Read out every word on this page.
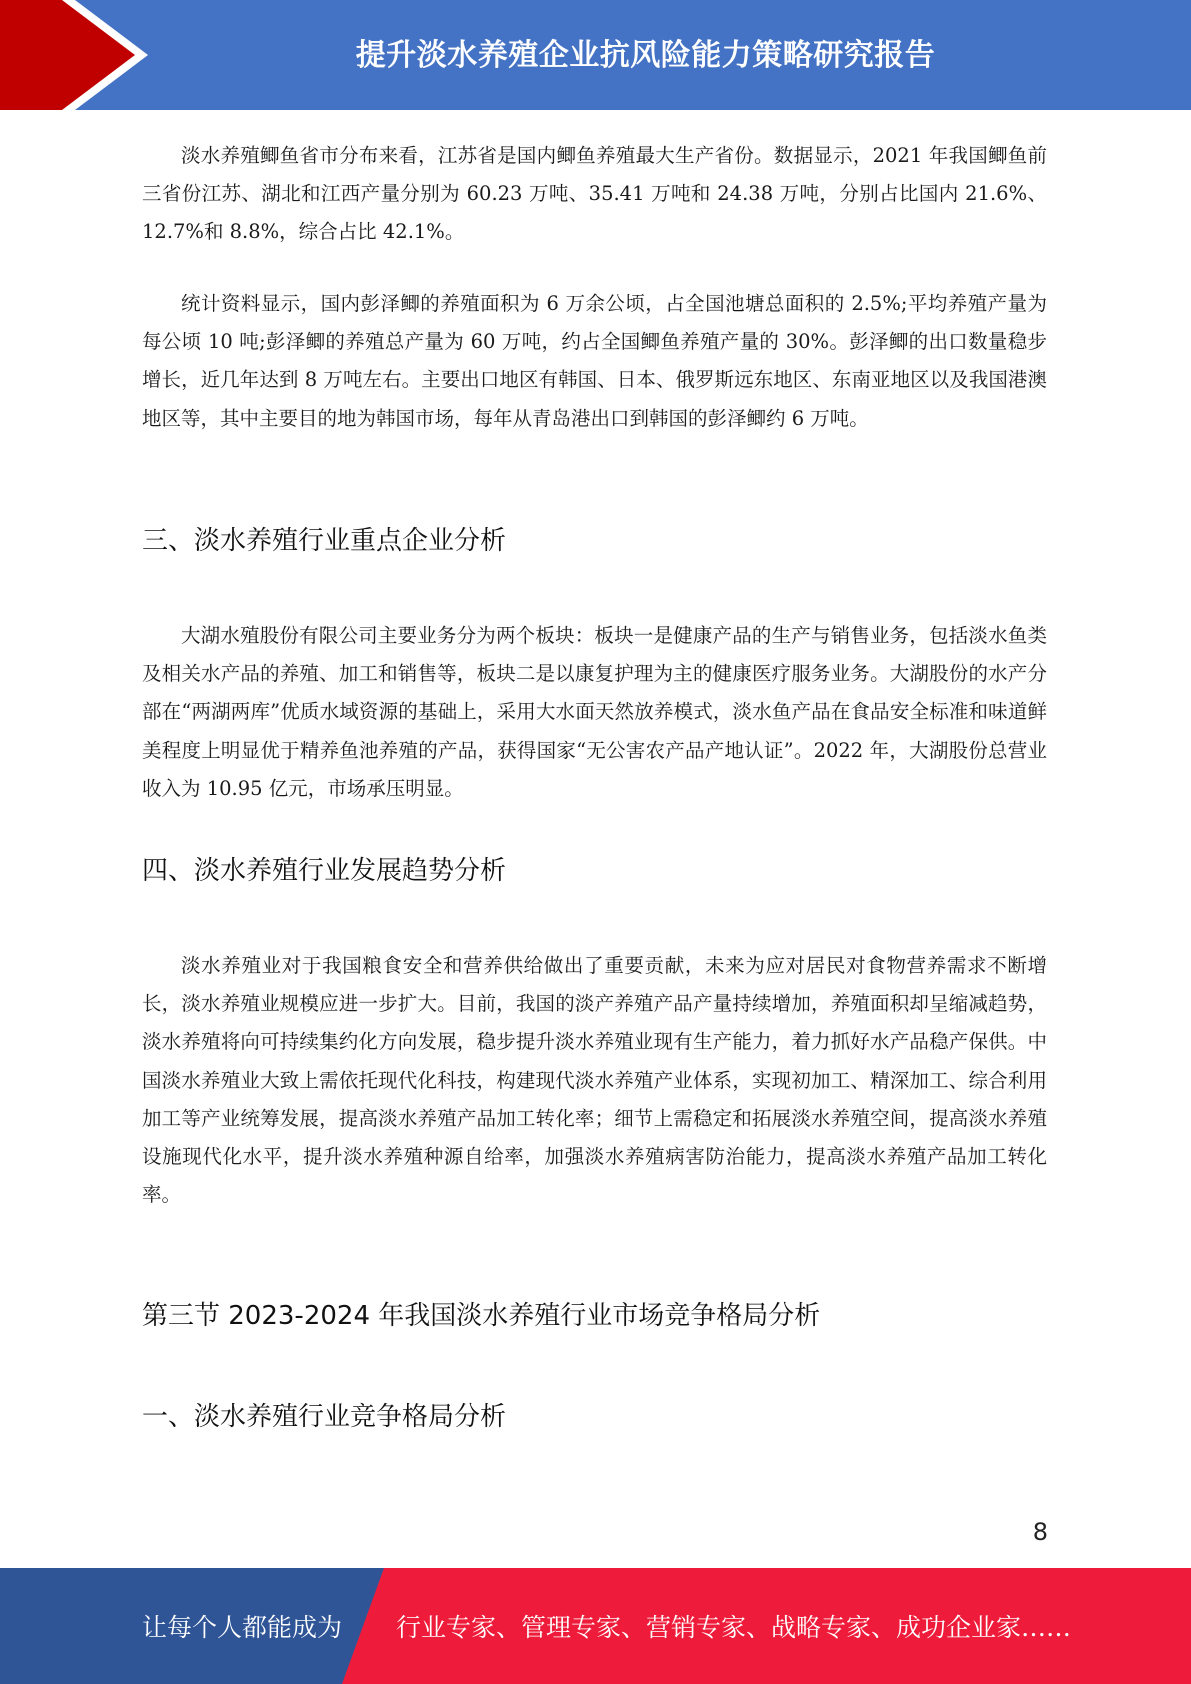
提升淡水养殖企业抗风险能力策略研究报告

淡水养殖鲫鱼省市分布来看，江苏省是国内鲫鱼养殖最大生产省份。数据显示，2021 年我国鲫鱼前三省份江苏、湖北和江西产量分别为 60.23 万吨、35.41 万吨和 24.38 万吨，分别占比国内 21.6%、12.7%和 8.8%，综合占比 42.1%。

统计资料显示，国内彭泽鲫的养殖面积为 6 万余公顷，占全国池塘总面积的 2.5%;平均养殖产量为每公顷 10 吨;彭泽鲫的养殖总产量为 60 万吨，约占全国鲫鱼养殖产量的 30%。彭泽鲫的出口数量稳步增长，近几年达到 8 万吨左右。主要出口地区有韩国、日本、俄罗斯远东地区、东南亚地区以及我国港澳地区等，其中主要目的地为韩国市场，每年从青岛港出口到韩国的彭泽鲫约 6 万吨。

三、淡水养殖行业重点企业分析

大湖水殖股份有限公司主要业务分为两个板块：板块一是健康产品的生产与销售业务，包括淡水鱼类及相关水产品的养殖、加工和销售等，板块二是以康复护理为主的健康医疗服务业务。大湖股份的水产分部在“两湖两库”优质水域资源的基础上，采用大水面天然放养模式，淡水鱼产品在食品安全标准和味道鲜美程度上明显优于精养鱼池养殖的产品，获得国家“无公害农产品产地认证”。2022 年，大湖股份总营业收入为 10.95 亿元，市场承压明显。

四、淡水养殖行业发展趋势分析

淡水养殖业对于我国粮食安全和营养供给做出了重要贡献，未来为应对居民对食物营养需求不断增长，淡水养殖业规模应进一步扩大。目前，我国的淡产养殖产品产量持续增加，养殖面积却呈缩减趋势，淡水养殖将向可持续集约化方向发展，稳步提升淡水养殖业现有生产能力，着力抓好水产品稳产保供。中国淡水养殖业大致上需依托现代化科技，构建现代淡水养殖产业体系，实现初加工、精深加工、综合利用加工等产业统筹发展，提高淡水养殖产品加工转化率；细节上需稳定和拓展淡水养殖空间，提高淡水养殖设施现代化水平，提升淡水养殖种源自给率，加强淡水养殖病害防治能力，提高淡水养殖产品加工转化率。

第三节 2023-2024 年我国淡水养殖行业市场竞争格局分析
一、淡水养殖行业竞争格局分析
8
让每个人都能成为 行业专家、管理专家、营销专家、战略专家、成功企业家……
